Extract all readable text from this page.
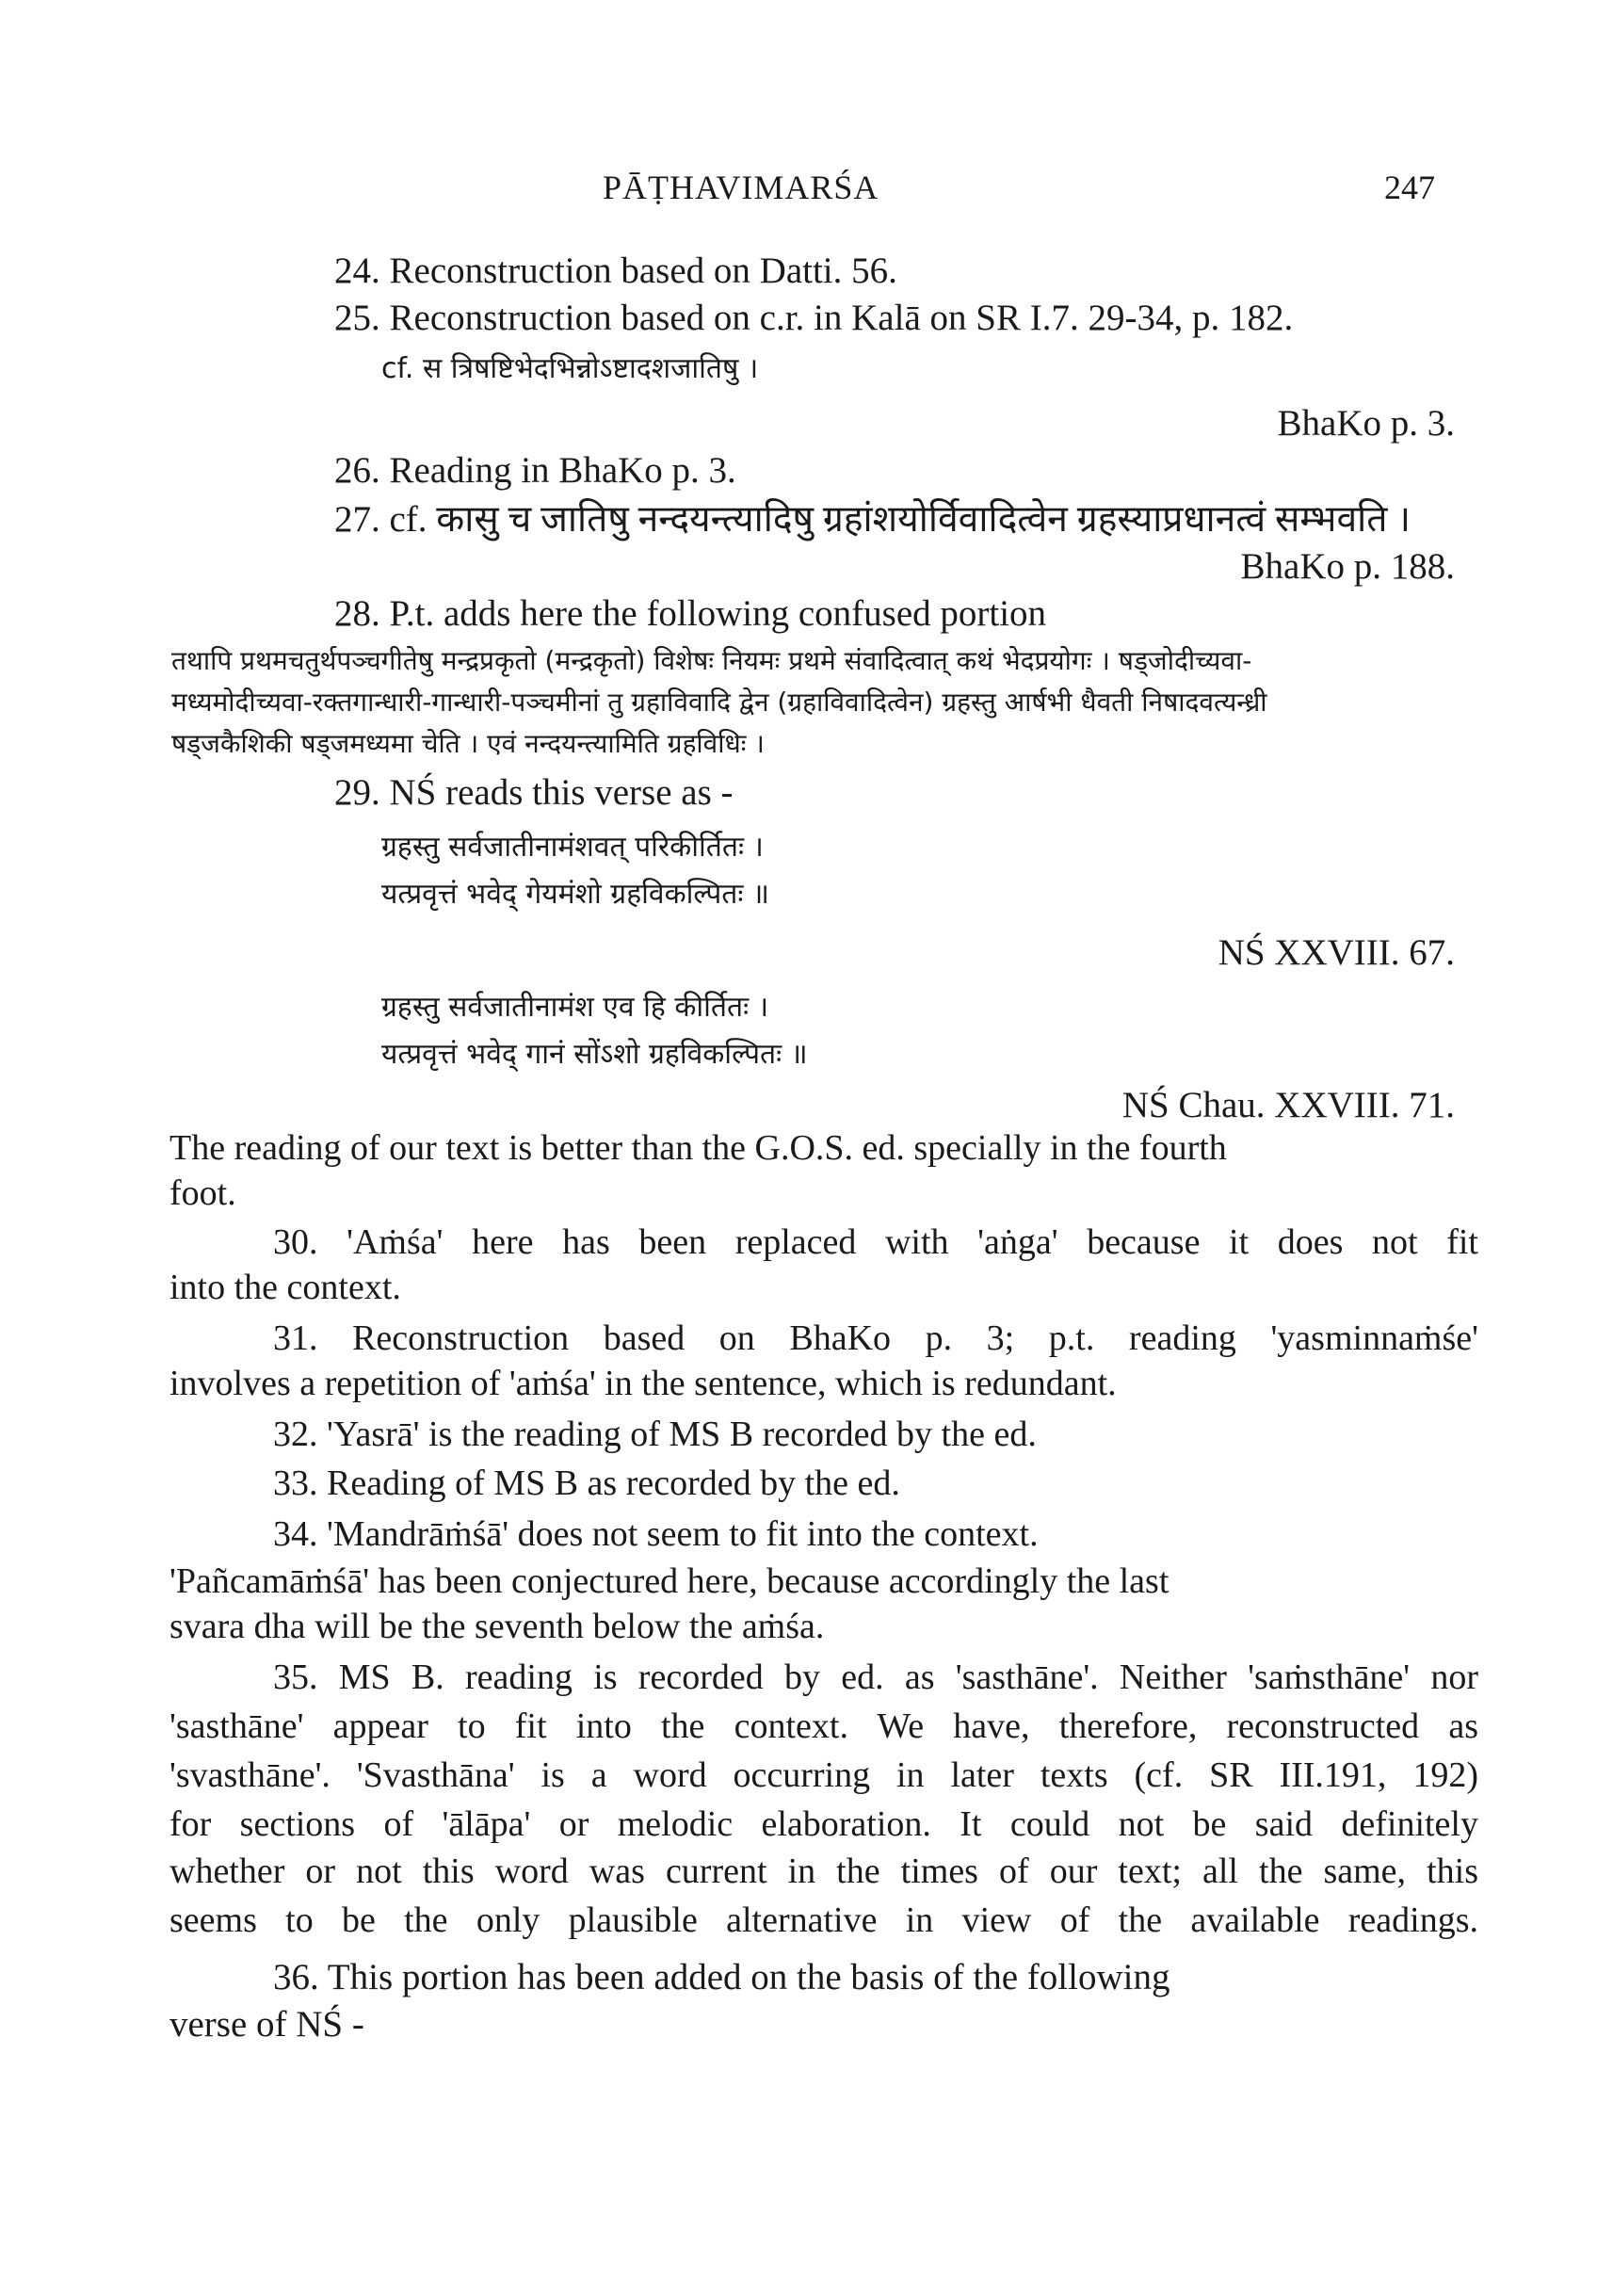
PĀṬHAVIMARŚA	247
24. Reconstruction based on Datti. 56.
25. Reconstruction based on c.r. in Kalā on SR I.7. 29-34, p. 182.
cf. स त्रिषष्टिभेदभिन्नोऽष्टादशजातिषु ।
BhaKo p. 3.
26. Reading in BhaKo p. 3.
27. cf. कासु च जातिषु नन्दयन्त्यादिषु ग्रहांशयोर्विवादित्वेन ग्रहस्याप्रधानत्वं सम्भवति ।
BhaKo p. 188.
28. P.t. adds here the following confused portion
तथापि प्रथमचतुर्थपञ्चगीतेषु मन्द्रप्रकृतो (मन्द्रकृतो) विशेषः नियमः प्रथमे संवादित्वात् कथं भेदप्रयोगः । षड्जोदीच्यवा-
मध्यमोदीच्यवा-रक्तगान्धारी-गान्धारी-पञ्चमीनां तु ग्रहाविवादि द्वेन (ग्रहाविवादित्वेन) ग्रहस्तु आर्षभी धैवती निषादवत्यन्ध्री
षड्जकैशिकी षड्जमध्यमा चेति । एवं नन्दयन्त्यामिति ग्रहविधिः ।
29. NŚ reads this verse as -
ग्रहस्तु सर्वजातीनामंशवत् परिकीर्तितः ।
यत्प्रवृत्तं भवेद् गेयमंशो ग्रहविकल्पितः ॥
NŚ XXVIII. 67.
ग्रहस्तु सर्वजातीनामंश एव हि कीर्तितः ।
यत्प्रवृत्तं भवेद् गानं सोंऽशो ग्रहविकल्पितः ॥
NŚ Chau. XXVIII. 71.
The reading of our text is better than the G.O.S. ed. specially in the fourth
foot.
30. 'Aṁśa' here has been replaced with 'aṅga' because it does not fit
into the context.
31. Reconstruction based on BhaKo p. 3; p.t. reading 'yasminnaṁśe'
involves a repetition of 'aṁśa' in the sentence, which is redundant.
32. 'Yasrā' is the reading of MS B recorded by the ed.
33. Reading of MS B as recorded by the ed.
34. 'Mandrāṁśā' does not seem to fit into the context.
'Pañcamāṁśā' has been conjectured here, because accordingly the last
svara dha will be the seventh below the aṁśa.
35. MS B. reading is recorded by ed. as 'sasthāne'. Neither 'saṁsthāne' nor
'sasthāne' appear to fit into the context. We have, therefore, reconstructed as
'svasthāne'. 'Svasthāna' is a word occurring in later texts (cf. SR III.191, 192)
for sections of 'ālāpa' or melodic elaboration. It could not be said definitely
whether or not this word was current in the times of our text; all the same, this
seems to be the only plausible alternative in view of the available readings.
36. This portion has been added on the basis of the following
verse of NŚ -
